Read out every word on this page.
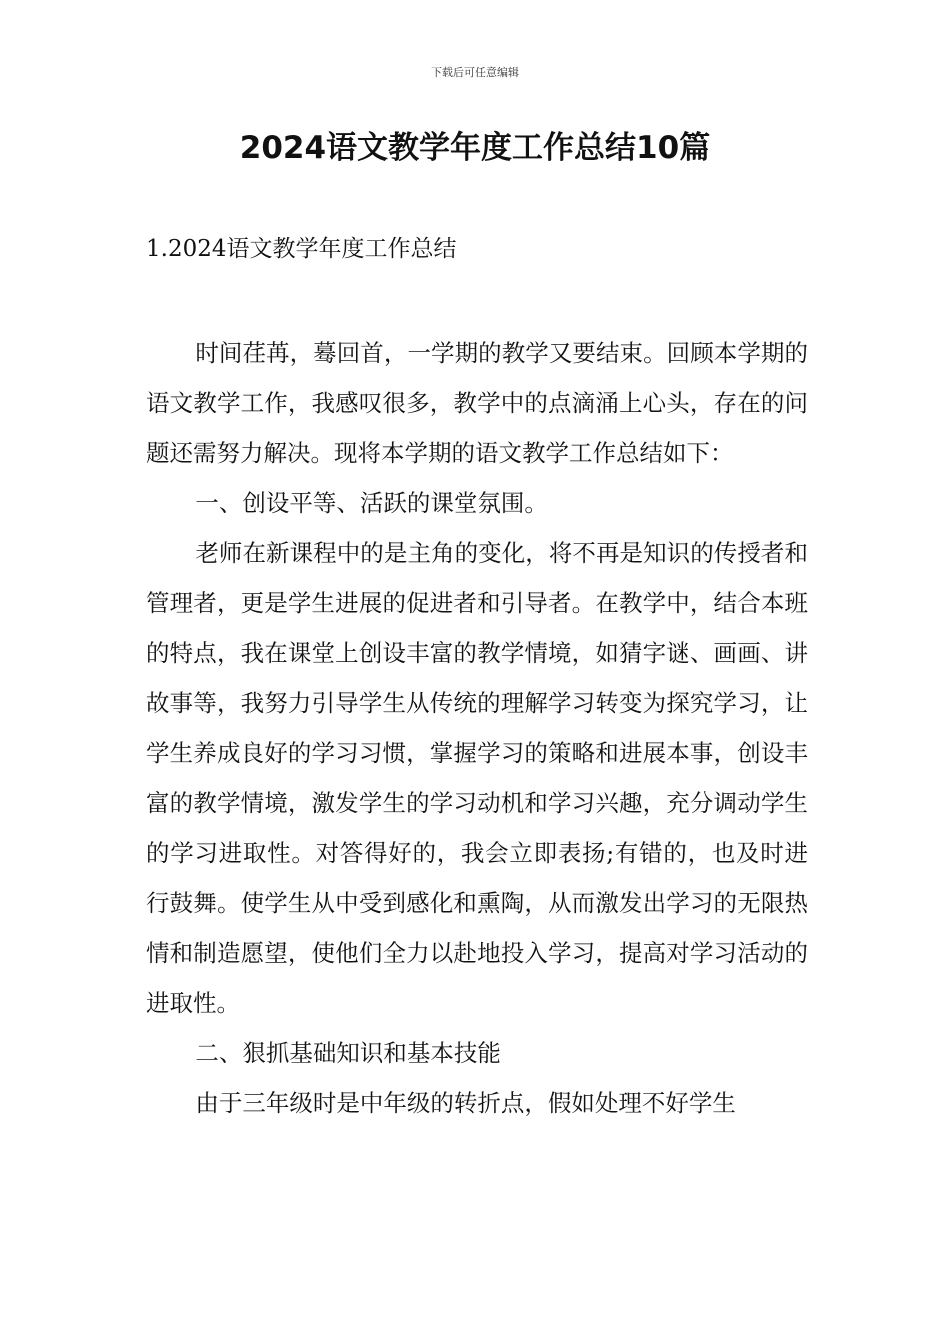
下载后可任意编辑
2024语文教学年度工作总结10篇
1.2024语文教学年度工作总结

时间荏苒，蓦回首，一学期的教学又要结束。回顾本学期的语文教学工作，我感叹很多，教学中的点滴涌上心头，存在的问题还需努力解决。现将本学期的语文教学工作总结如下：

一、创设平等、活跃的课堂氛围。

老师在新课程中的是主角的变化，将不再是知识的传授者和管理者，更是学生进展的促进者和引导者。在教学中，结合本班的特点，我在课堂上创设丰富的教学情境，如猜字谜、画画、讲故事等，我努力引导学生从传统的理解学习转变为探究学习，让学生养成良好的学习习惯，掌握学习的策略和进展本事，创设丰富的教学情境，激发学生的学习动机和学习兴趣，充分调动学生的学习进取性。对答得好的，我会立即表扬;有错的，也及时进行鼓舞。使学生从中受到感化和熏陶，从而激发出学习的无限热情和制造愿望，使他们全力以赴地投入学习，提高对学习活动的进取性。

二、狠抓基础知识和基本技能

由于三年级时是中年级的转折点，假如处理不好学生
